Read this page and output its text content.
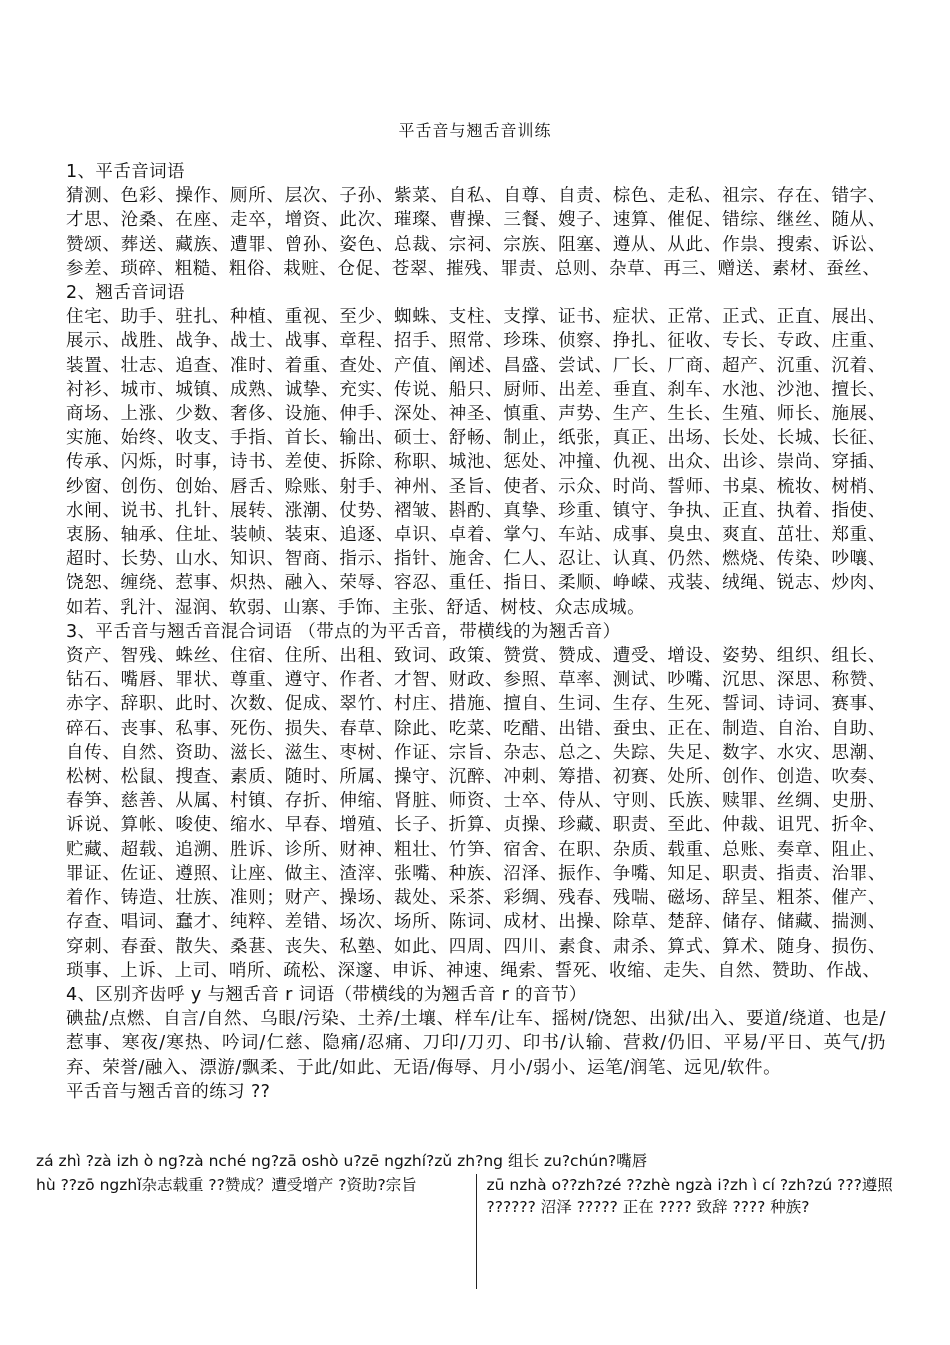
平舌音与翘舌音训练

1、平舌音词语

猜测、色彩、操作、厕所、层次、子孙、紫菜、自私、自尊、自责、棕色、走私、祖宗、存在、错字、才思、沧桑、在座、走卒，增资、此次、璀璨、曹操、三餐、嫂子、速算、催促、错综、继丝、随从、赞颂、葬送、藏族、遭罪、曾孙、姿色、总裁、宗祠、宗族、阻塞、遵从、从此、作祟、搜索、诉讼、参差、琐碎、粗糙、粗俗、栽赃、仓促、苍翠、摧残、罪责、总则、杂草、再三、赠送、素材、蚕丝、

2、翘舌音词语

住宅、助手、驻扎、种植、重视、至少、蜘蛛、支柱、支撑、证书、症状、正常、正式、正直、展出、展示、战胜、战争、战士、战事、章程、招手、照常、珍珠、侦察、挣扎、征收、专长、专政、庄重、装置、壮志、追查、准时、着重、查处、产值、阐述、昌盛、尝试、厂长、厂商、超产、沉重、沉着、衬衫、城市、城镇、成熟、诚挚、充实、传说、船只、厨师、出差、垂直、刹车、水池、沙池、擅长、商场、上涨、少数、奢侈、设施、伸手、深处、神圣、慎重、声势、生产、生长、生殖、师长、施展、实施、始终、收支、手指、首长、输出、硕士、舒畅、制止，纸张，真正、出场、长处、长城、长征、传承、闪烁，时事，诗书、差使、拆除、称职、城池、惩处、冲撞、仇视、出众、出诊、崇尚、穿插、纱窗、创伤、创始、唇舌、赊账、射手、神州、圣旨、使者、示众、时尚、誓师、书桌、梳妆、树梢、水闸、说书、扎针、展转、涨潮、仗势、褶皱、斟酌、真挚、珍重、镇守、争执、正直、执着、指使、衷肠、轴承、住址、装帧、装束、追逐、卓识、卓着、掌勺、车站、成事、臭虫、爽直、茁壮、郑重、超时、长势、山水、知识、智商、指示、指针、施舍、仁人、忍让、认真、仍然、燃烧、传染、吵嚷、饶恕、缠绕、惹事、炽热、融入、荣辱、容忍、重任、指日、柔顺、峥嵘、戎装、绒绳、锐志、炒肉、如若、乳汁、湿润、软弱、山寨、手饰、主张、舒适、树枝、众志成城。

3、平舌音与翘舌音混合词语 （带点的为平舌音，带横线的为翘舌音）

资产、智残、蛛丝、住宿、住所、出租、致词、政策、赞赏、赞成、遭受、增设、姿势、组织、组长、钻石、嘴唇、罪状、尊重、遵守、作者、才智、财政、参照、草率、测试、吵嘴、沉思、深思、称赞、赤字、辞职、此时、次数、促成、翠竹、村庄、措施、擅自、生词、生存、生死、誓词、诗词、赛事、碎石、丧事、私事、死伤、损失、春草、除此、吃菜、吃醋、出错、蚕虫、正在、制造、自治、自助、自传、自然、资助、滋长、滋生、枣树、作证、宗旨、杂志、总之、失踪、失足、数字、水灾、思潮、松树、松鼠、搜查、素质、随时、所属、操守、沉醉、冲刺、筹措、初赛、处所、创作、创造、吹奏、春笋、慈善、从属、村镇、存折、伸缩、肾脏、师资、士卒、侍从、守则、氏族、赎罪、丝绸、史册、诉说、算帐、唆使、缩水、早春、增殖、长子、折算、贞操、珍藏、职责、至此、仲裁、诅咒、折伞、贮藏、超载、追溯、胜诉、诊所、财神、粗壮、竹笋、宿舍、在职、杂质、载重、总账、奏章、阻止、罪证、佐证、遵照、让座、做主、渣滓、张嘴、种族、沼泽、振作、争嘴、知足、职责、指责、治罪、着作、铸造、壮族、准则；财产、操场、裁处、采茶、彩绸、残春、残喘、磁场、辞呈、粗茶、催产、存查、唱词、蠢才、纯粹、差错、场次、场所、陈词、成材、出操、除草、楚辞、储存、储藏、揣测、穿刺、春蚕、散失、桑葚、丧失、私塾、如此、四周、四川、素食、肃杀、算式、算术、随身、损伤、琐事、上诉、上司、哨所、疏松、深邃、申诉、神速、绳索、誓死、收缩、走失、自然、赞助、作战、

4、区别齐齿呼 y 与翘舌音 r 词语（带横线的为翘舌音 r 的音节）

碘盐/点燃、自言/自然、乌眼/污染、土养/土壤、样车/让车、摇树/饶恕、出狱/出入、要道/绕道、也是/惹事、寒夜/寒热、吟词/仁慈、隐痛/忍痛、刀印/刀刃、印书/认输、营救/仍旧、平易/平日、英气/扔弃、荣誉/融入、漂游/飘柔、于此/如此、无语/侮辱、月小/弱小、运笔/润笔、远见/软件。

平舌音与翘舌音的练习 ??

zá zhì ?zà izh ò ng?zà nché ng?zā oshò u?zē ngzhí?zǔ zh?ng 组长 zu?chún?嘴唇
hù ??zō ngzhǐ杂志载重 ??赞成？遭受增产 ?资助?宗旨	zū nzhà o??zh?zé ??zhè ngzà i?zh ì cí ?zh?zú ???遵照 ?????? 沼泽 ????? 正在 ???? 致辞 ???? 种族?
